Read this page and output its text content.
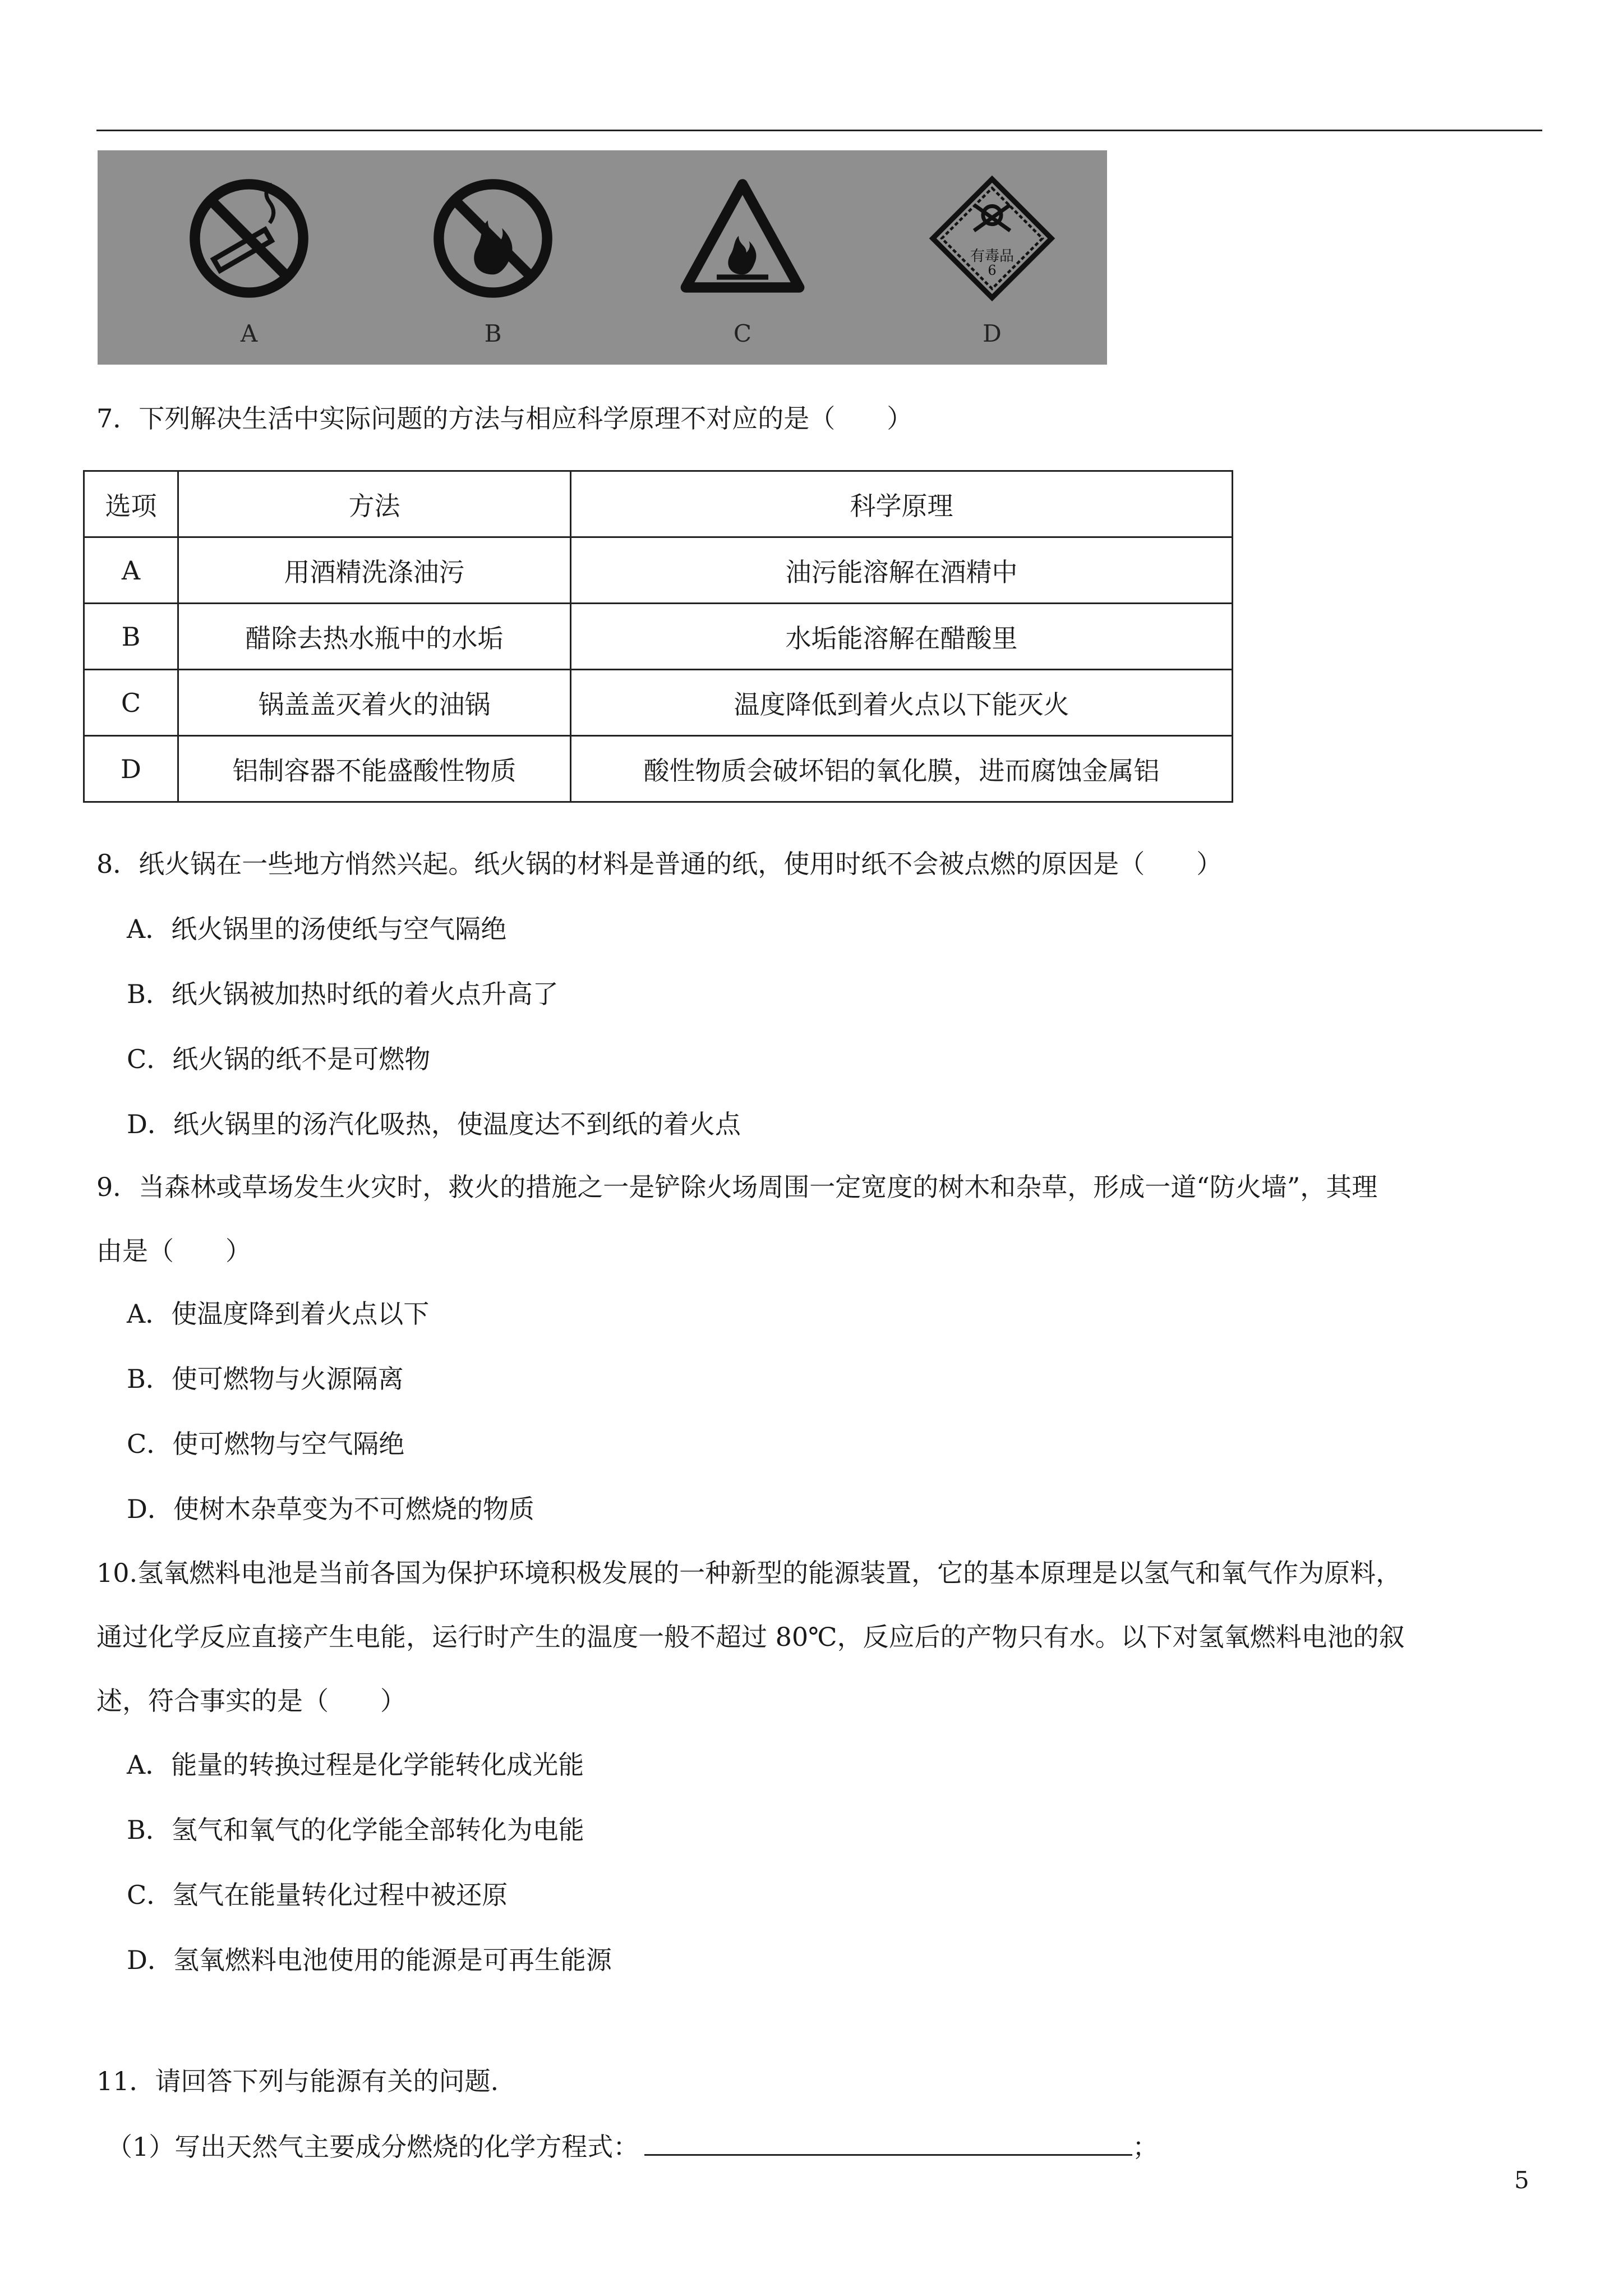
A	B	C
有毒品
6
D
7．下列解决生活中实际问题的方法与相应科学原理不对应的是（　　）
选项	方法	科学原理
A	用酒精洗涤油污	油污能溶解在酒精中
B	醋除去热水瓶中的水垢	水垢能溶解在醋酸里
C	锅盖盖灭着火的油锅	温度降低到着火点以下能灭火
D	铝制容器不能盛酸性物质	酸性物质会破坏铝的氧化膜，进而腐蚀金属铝
8．纸火锅在一些地方悄然兴起。纸火锅的材料是普通的纸，使用时纸不会被点燃的原因是（　　）
A．纸火锅里的汤使纸与空气隔绝
B．纸火锅被加热时纸的着火点升高了
C．纸火锅的纸不是可燃物
D．纸火锅里的汤汽化吸热，使温度达不到纸的着火点
9．当森林或草场发生火灾时，救火的措施之一是铲除火场周围一定宽度的树木和杂草，形成一道“防火墙”，其理
由是（　　）
A．使温度降到着火点以下
B．使可燃物与火源隔离
C．使可燃物与空气隔绝
D．使树木杂草变为不可燃烧的物质
10.氢氧燃料电池是当前各国为保护环境积极发展的一种新型的能源装置，它的基本原理是以氢气和氧气作为原料，
通过化学反应直接产生电能，运行时产生的温度一般不超过 80℃，反应后的产物只有水。以下对氢氧燃料电池的叙
述，符合事实的是（　　）
A．能量的转换过程是化学能转化成光能
B．氢气和氧气的化学能全部转化为电能
C．氢气在能量转化过程中被还原
D．氢氧燃料电池使用的能源是可再生能源
11．请回答下列与能源有关的问题.
（1）写出天然气主要成分燃烧的化学方程式：	；
5
